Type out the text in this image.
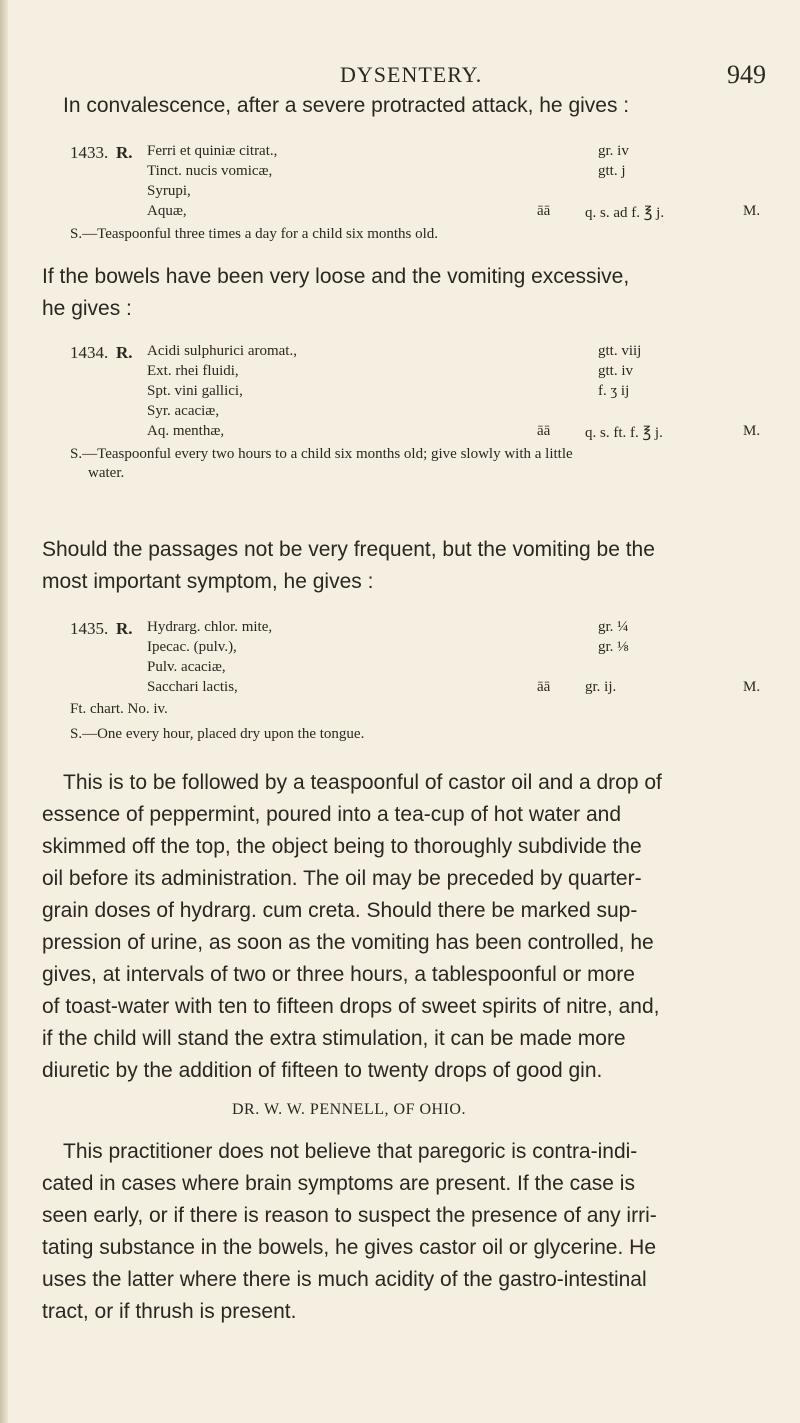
DYSENTERY.	949

In convalescence, after a severe protracted attack, he gives :

1433. R. Ferri et quiniæ citrat.,	gr. iv
Tinct. nucis vomicæ,	gtt. j
Syrupi,
Aquæ,	āā q. s. ad f. ℥ j.	M.

S.—Teaspoonful three times a day for a child six months old.

If the bowels have been very loose and the vomiting excessive,

he gives :

1434. R. Acidi sulphurici aromat.,	gtt. viij
Ext. rhei fluidi,	gtt. iv
Spt. vini gallici,	f. ʒ ij
Syr. acaciæ,
Aq. menthæ,	āā q. s. ft. f. ℥ j.	M.

S.—Teaspoonful every two hours to a child six months old; give slowly with a little

water.

Should the passages not be very frequent, but the vomiting be the

most important symptom, he gives :

1435. R. Hydrarg. chlor. mite,	gr. ¼
Ipecac. (pulv.),	gr. ⅛
Pulv. acaciæ,
Sacchari lactis,	āā gr. ij.	M.

Ft. chart. No. iv.

S.—One every hour, placed dry upon the tongue.

This is to be followed by a teaspoonful of castor oil and a drop of

essence of peppermint, poured into a tea-cup of hot water and

skimmed off the top, the object being to thoroughly subdivide the

oil before its administration. The oil may be preceded by quarter-

grain doses of hydrarg. cum creta. Should there be marked sup-

pression of urine, as soon as the vomiting has been controlled, he

gives, at intervals of two or three hours, a tablespoonful or more

of toast-water with ten to fifteen drops of sweet spirits of nitre, and,

if the child will stand the extra stimulation, it can be made more

diuretic by the addition of fifteen to twenty drops of good gin.

DR. W. W. PENNELL, OF OHIO.

This practitioner does not believe that paregoric is contra-indi-

cated in cases where brain symptoms are present. If the case is

seen early, or if there is reason to suspect the presence of any irri-

tating substance in the bowels, he gives castor oil or glycerine. He

uses the latter where there is much acidity of the gastro-intestinal

tract, or if thrush is present.
